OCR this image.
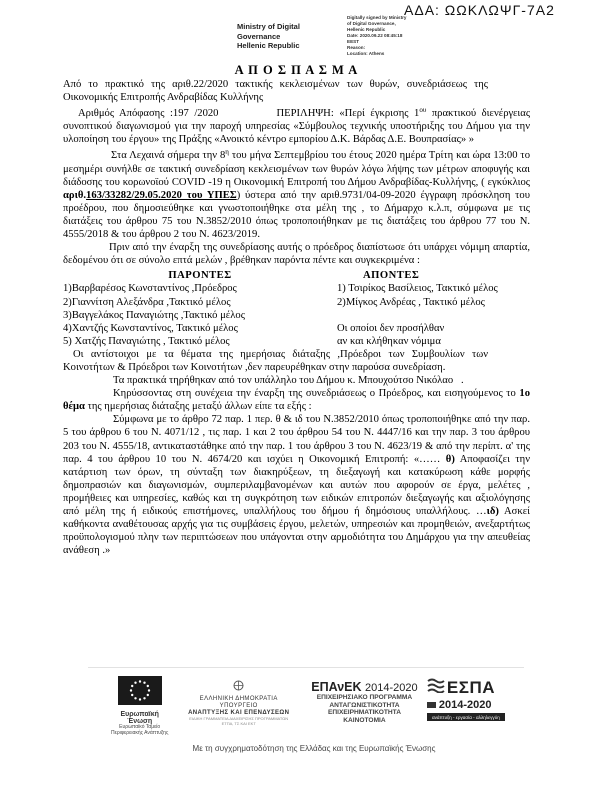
ΑΔΑ: ΩΩΚΛΩΨΓ-7Α2
Ministry of Digital
Governance
Hellenic Republic
Digitally signed by Ministry
of Digital Governance,
Hellenic Republic
Date: 2020.09.22 08:45:18
EEST
Reason:
Location: Athens
Α Π Ο Σ Π Α Σ Μ Α

Από το πρακτικό της αριθ.22/2020 τακτικής κεκλεισμένων των θυρών, συνεδριάσεως της Οικονομικής Επιτροπής Ανδραβίδας Κυλλήνης

Αριθμός Απόφασης :197 /2020	ΠΕΡΙΛΗΨΗ: «Περί έγκρισης $1^{o\upsilon}$ πρακτικού διενέργειας συνοπτικού διαγωνισμού για την παροχή υπηρεσίας «Σύμβουλος τεχνικής υποστήριξης του Δήμου για την υλοποίηση του έργου» της Πράξης «Ανοικτό κέντρο εμπορίου Δ.Κ. Βάρδας Δ.Ε. Βουπρασίας» »

Στα Λεχαινά σήμερα την $8^\eta$ του μήνα Σεπτεμβρίου του έτους 2020 ημέρα Τρίτη και ώρα 13:00 το μεσημέρι συνήλθε σε τακτική συνεδρίαση κεκλεισμένων των θυρών λόγω λήψης των μέτρων αποφυγής και διάδοσης του κορωνοϊού COVID -19 η Οικονομική Επιτροπή του Δήμου Ανδραβίδας-Κυλλήνης, ( εγκύκλιος αριθ.163/33282/29.05.2020 του ΥΠΕΣ) ύστερα από την αριθ.9731/04-09-2020 έγγραφη πρόσκληση του προέδρου, που δημοσιεύθηκε και γνωστοποιήθηκε στα μέλη της , το Δήμαρχο κ.λ.π, σύμφωνα με τις διατάξεις του άρθρου 75 του Ν.3852/2010 όπως τροποποιήθηκαν με τις διατάξεις του άρθρου 77 του Ν. 4555/2018 & του άρθρου 2 του Ν. 4623/2019.

Πριν από την έναρξη της συνεδρίασης αυτής ο πρόεδρος διαπίστωσε ότι υπάρχει νόμιμη απαρτία, δεδομένου ότι σε σύνολο επτά μελών , βρέθηκαν παρόντα πέντε και συγκεκριμένα :

ΠΑΡΟΝΤΕΣ	ΑΠΟΝΤΕΣ
1)Βαρβαρέσος Κωνσταντίνος ,Πρόεδρος	1) Τσιρίκος Βασίλειος, Τακτικό μέλος
2)Γιαννίτση Αλεξάνδρα ,Τακτικό μέλος	2)Μίγκος Ανδρέας , Τακτικό μέλος
3)Βαγγελάκος Παναγιώτης ,Τακτικό μέλος
4)Χαντζής Κωνσταντίνος, Τακτικό μέλος	Οι οποίοι δεν προσήλθαν
5) Χατζής Παναγιώτης , Τακτικό μέλος	αν και κλήθηκαν νόμιμα

Οι αντίστοιχοι με τα θέματα της ημερήσιας διάταξης ,Πρόεδροι των Συμβουλίων των Κοινοτήτων & Πρόεδροι των Κοινοτήτων ,δεν παρευρέθηκαν στην παρούσα συνεδρίαση.

Τα πρακτικά τηρήθηκαν από τον υπάλληλο του Δήμου κ. Μπουχούτσο Νικόλαο   .

Κηρύσσοντας στη συνέχεια την έναρξη της συνεδριάσεως ο Πρόεδρος, και εισηγούμενος το 1ο θέμα της ημερήσιας διάταξης μεταξύ άλλων είπε τα εξής :

Σύμφωνα με το άρθρο 72 παρ. 1 περ. θ & ιδ του Ν.3852/2010 όπως τροποποιήθηκε από την παρ. 5 του άρθρου 6 του Ν. 4071/12 , τις παρ. 1 και 2 του άρθρου 54 του Ν. 4447/16 και την παρ. 3 του άρθρου 203 του Ν. 4555/18, αντικαταστάθηκε από την παρ. 1 του άρθρου 3 του Ν. 4623/19 & από την περίπτ. α' της παρ. 4 του άρθρου 10 του Ν. 4674/20 και ισχύει η Οικονομική Επιτροπή: «…… θ) Αποφασίζει την κατάρτιση των όρων, τη σύνταξη των διακηρύξεων, τη διεξαγωγή και κατακύρωση κάθε μορφής δημοπρασιών και διαγωνισμών, συμπεριλαμβανομένων και αυτών που αφορούν σε έργα, μελέτες , προμήθειες και υπηρεσίες, καθώς και τη συγκρότηση των ειδικών επιτροπών διεξαγωγής και αξιολόγησης από μέλη της ή ειδικούς επιστήμονες, υπαλλήλους του δήμου ή δημόσιους υπαλλήλους. …ιδ) Ασκεί καθήκοντα αναθέτουσας αρχής για τις συμβάσεις έργου, μελετών, υπηρεσιών και προμηθειών, ανεξαρτήτως προϋπολογισμού πλην των περιπτώσεων που υπάγονται στην αρμοδιότητα του Δημάρχου για την απευθείας ανάθεση .»

Ευρωπαϊκή Ένωση
Ευρωπαϊκό Ταμείο
Περιφερειακής Ανάπτυξης
ΕΛΛΗΝΙΚΗ ΔΗΜΟΚΡΑΤΙΑ
ΥΠΟΥΡΓΕΙΟ
ΑΝΑΠΤΥΞΗΣ ΚΑΙ ΕΠΕΝΔΥΣΕΩΝ
ΕΙΔΙΚΗ ΓΡΑΜΜΑΤΕΙΑ ΔΙΑΧΕΙΡΙΣΗΣ ΠΡΟΓΡΑΜΜΑΤΩΝ
ΕΤΠΑ, ΤΣ ΚΑΙ ΕΚΤ
ΕΠΑνΕΚ 2014-2020
ΕΠΙΧΕΙΡΗΣΙΑΚΟ ΠΡΟΓΡΑΜΜΑ
ΑΝΤΑΓΩΝΙΣΤΙΚΟΤΗΤΑ
ΕΠΙΧΕΙΡΗΜΑΤΙΚΟΤΗΤΑ
ΚΑΙΝΟΤΟΜΙΑ
ΕΣΠΑ
2014-2020
ανάπτυξη - εργασία - αλληλεγγύη
Με τη συγχρηματοδότηση της Ελλάδας και της Ευρωπαϊκής Ένωσης
